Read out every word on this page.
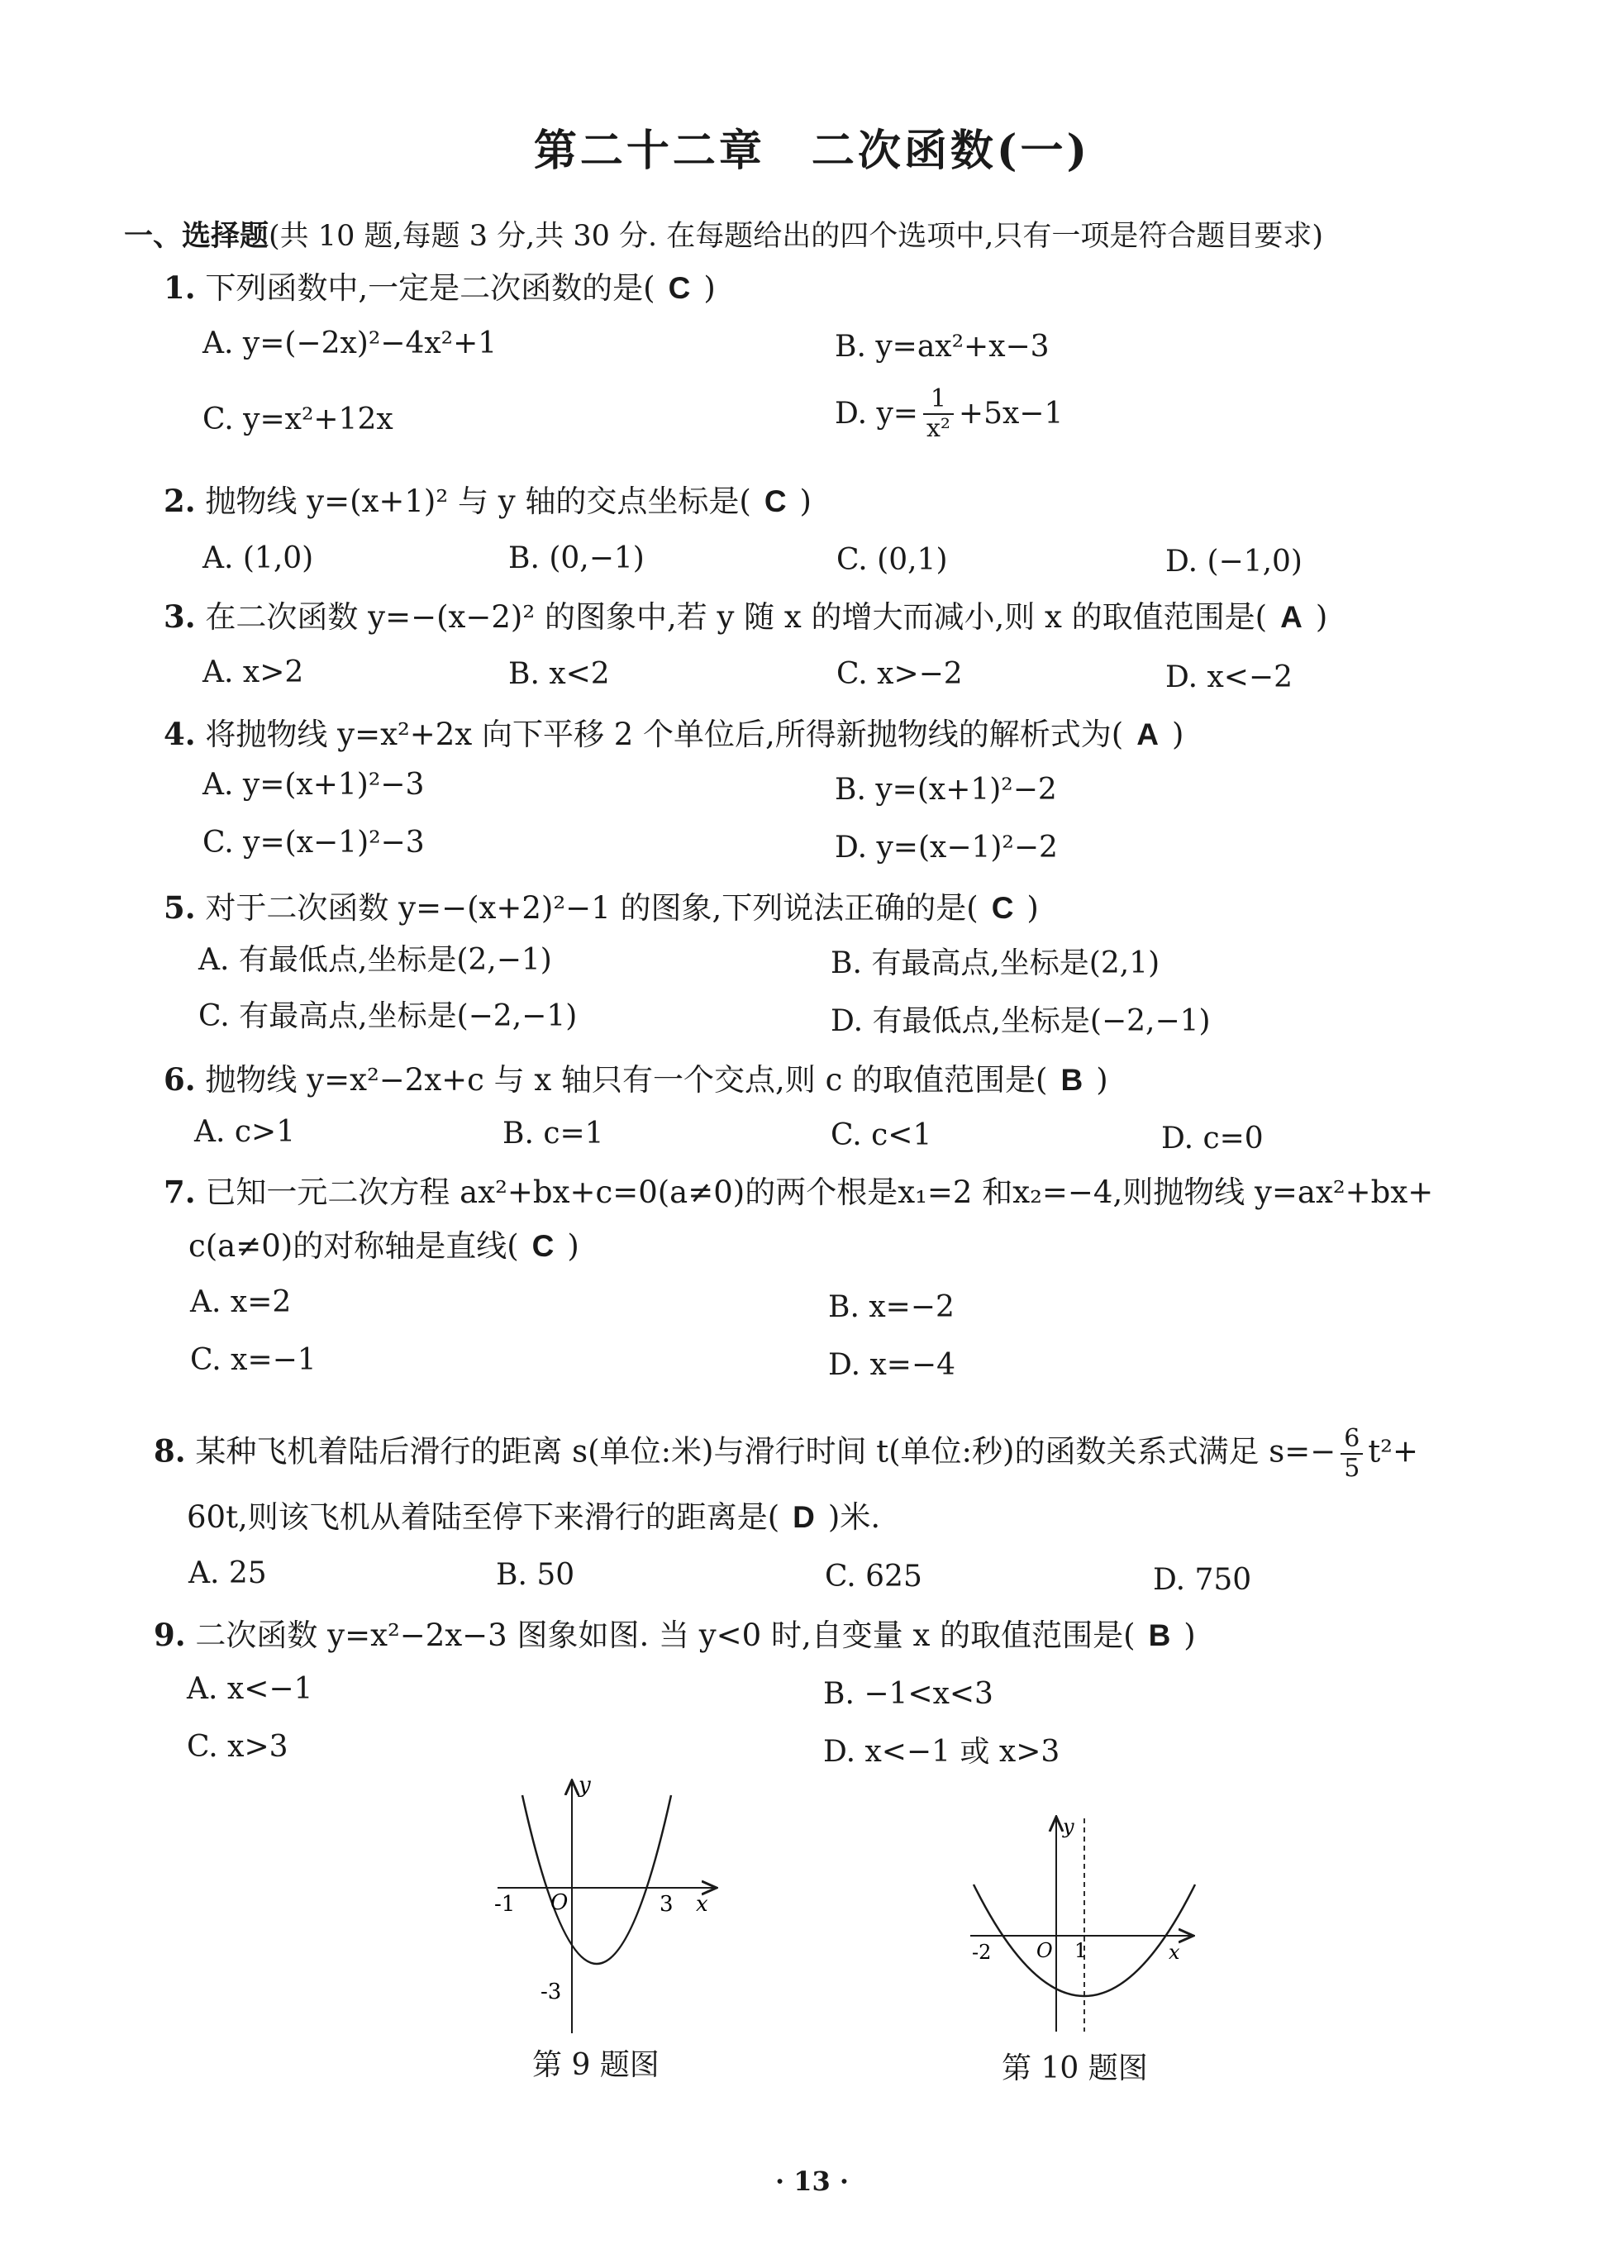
第二十二章　二次函数(一)
一、选择题(共 10 题,每题 3 分,共 30 分. 在每题给出的四个选项中,只有一项是符合题目要求)
1. 下列函数中,一定是二次函数的是( C )
A. y=(−2x)²−4x²+1	B. y=ax²+x−3
C. y=x²+12x	D. $y= \frac{1}{\text{x²}} +5x-1$
2. 抛物线 y=(x+1)² 与 y 轴的交点坐标是( C )
A. (1,0)	B. (0,−1)	C. (0,1)	D. (−1,0)
3. 在二次函数 y=−(x−2)² 的图象中,若 y 随 x 的增大而减小,则 x 的取值范围是( A )
A. x>2	B. x<2	C. x>−2	D. x<−2
4. 将抛物线 y=x²+2x 向下平移 2 个单位后,所得新抛物线的解析式为( A )
A. y=(x+1)²−3	B. y=(x+1)²−2
C. y=(x−1)²−3	D. y=(x−1)²−2
5. 对于二次函数 y=−(x+2)²−1 的图象,下列说法正确的是( C )
A. 有最低点,坐标是(2,−1)	B. 有最高点,坐标是(2,1)
C. 有最高点,坐标是(−2,−1)	D. 有最低点,坐标是(−2,−1)
6. 抛物线 y=x²−2x+c 与 x 轴只有一个交点,则 c 的取值范围是( B )
A. c>1	B. c=1	C. c<1	D. c=0
7. 已知一元二次方程 ax²+bx+c=0(a≠0)的两个根是x₁=2 和x₂=−4,则抛物线 y=ax²+bx+
c(a≠0)的对称轴是直线( C )
A. x=2	B. x=−2
C. x=−1	D. x=−4
8. 某种飞机着陆后滑行的距离 s(单位:米)与滑行时间 t(单位:秒)的函数关系式满足 $s=- \frac{6}{5} t^2+$
60t,则该飞机从着陆至停下来滑行的距离是( D )米.
A. 25	B. 50	C. 625	D. 750
9. 二次函数 y=x²−2x−3 图象如图. 当 y<0 时,自变量 x 的取值范围是( B )
A. x<−1	B. −1<x<3
C. x>3	D. x<−1 或 x>3
y
x
O
-1	3
-3
第 9 题图
y
x
O
-2	1
第 10 题图
· 13 ·
